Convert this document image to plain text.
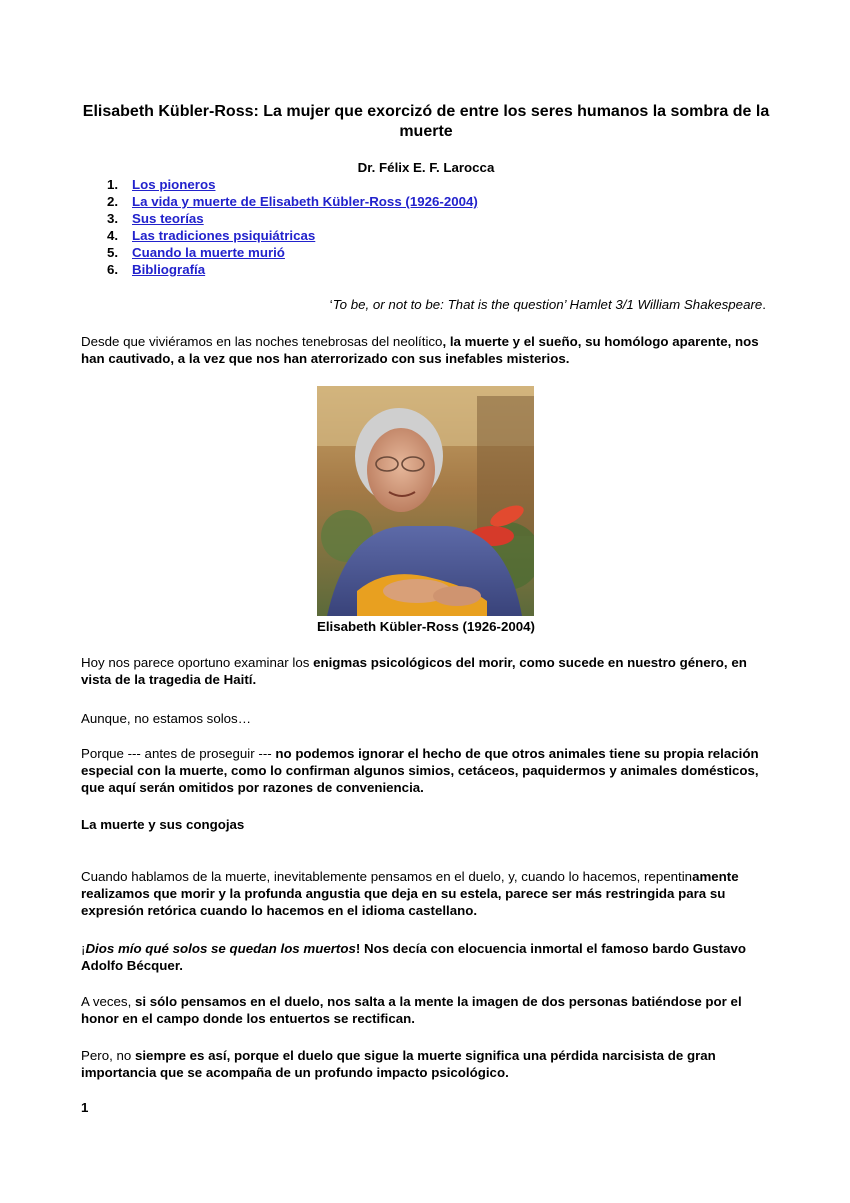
Elisabeth Kübler-Ross: La mujer que exorcizó de entre los seres humanos la sombra de la muerte

Dr. Félix E. F. Larocca

1. Los pioneros
2. La vida y muerte de Elisabeth Kübler-Ross (1926-2004)
3. Sus teorías
4. Las tradiciones psiquiátricas
5. Cuando la muerte murió
6. Bibliografía

‘To be, or not to be: That is the question’ Hamlet 3/1 William Shakespeare.

Desde que viviéramos en las noches tenebrosas del neolítico, la muerte y el sueño, su homólogo aparente, nos han cautivado, a la vez que nos han aterrorizado con sus inefables misterios.

Elisabeth Kübler-Ross (1926-2004)

Hoy nos parece oportuno examinar los enigmas psicológicos del morir, como sucede en nuestro género, en vista de la tragedia de Haití.

Aunque, no estamos solos…

Porque --- antes de proseguir --- no podemos ignorar el hecho de que otros animales tiene su propia relación especial con la muerte, como lo confirman algunos simios, cetáceos, paquidermos y animales domésticos, que aquí serán omitidos por razones de conveniencia.

La muerte y sus congojas

Cuando hablamos de la muerte, inevitablemente pensamos en el duelo, y, cuando lo hacemos, repentinamente realizamos que morir y la profunda angustia que deja en su estela, parece ser más restringida para su expresión retórica cuando lo hacemos en el idioma castellano.

¡Dios mío qué solos se quedan los muertos! Nos decía con elocuencia inmortal el famoso bardo Gustavo Adolfo Bécquer.

A veces, si sólo pensamos en el duelo, nos salta a la mente la imagen de dos personas batiéndose por el honor en el campo donde los entuertos se rectifican.

Pero, no siempre es así, porque el duelo que sigue la muerte significa una pérdida narcisista de gran importancia que se acompaña de un profundo impacto psicológico.

1
